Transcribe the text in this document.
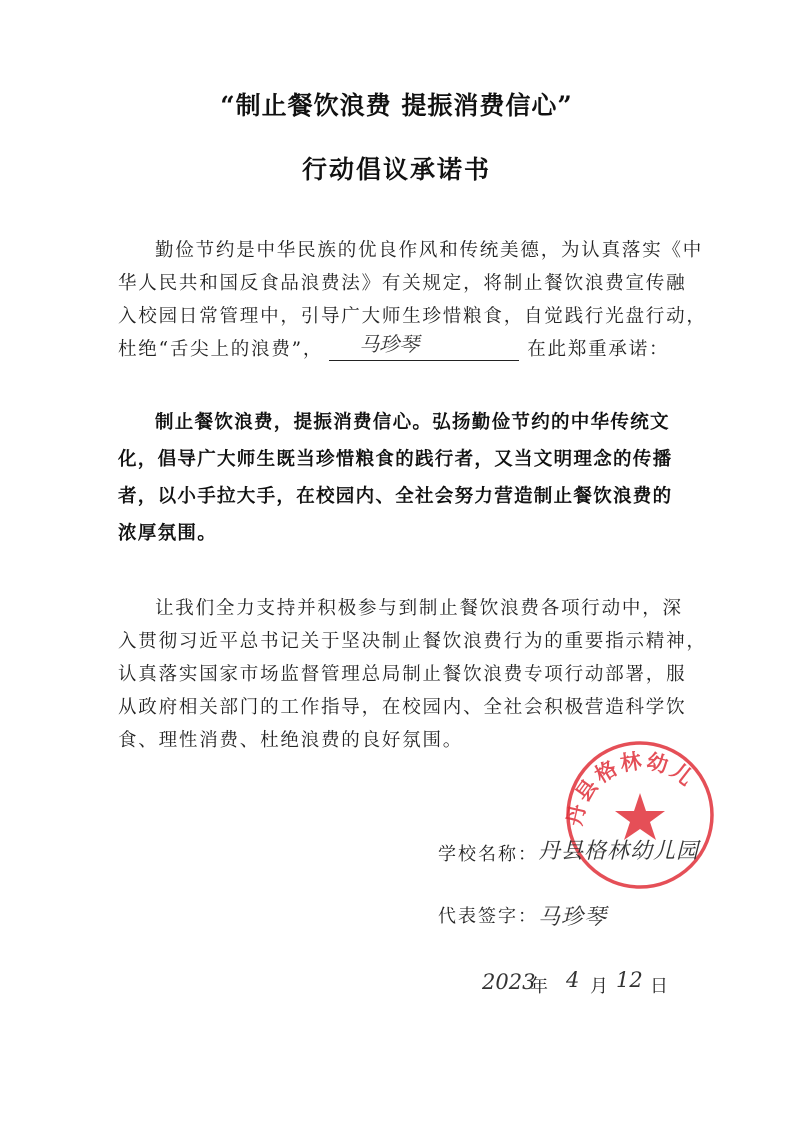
“制止餐饮浪费 提振消费信心”
行动倡议承诺书
勤俭节约是中华民族的优良作风和传统美德，为认真落实《中
华人民共和国反食品浪费法》有关规定，将制止餐饮浪费宣传融
入校园日常管理中，引导广大师生珍惜粮食，自觉践行光盘行动，
杜绝“舌尖上的浪费”， 马珍琴	在此郑重承诺：
制止餐饮浪费，提振消费信心。弘扬勤俭节约的中华传统文
化，倡导广大师生既当珍惜粮食的践行者，又当文明理念的传播
者，以小手拉大手，在校园内、全社会努力营造制止餐饮浪费的
浓厚氛围。
让我们全力支持并积极参与到制止餐饮浪费各项行动中，深
入贯彻习近平总书记关于坚决制止餐饮浪费行为的重要指示精神，
认真落实国家市场监督管理总局制止餐饮浪费专项行动部署，服
从政府相关部门的工作指导，在校园内、全社会积极营造科学饮
食、理性消费、杜绝浪费的良好氛围。
丹县格林幼儿
学校名称： 丹县格林幼儿园
代表签字： 马珍琴
2023
年 4 月 12 日
